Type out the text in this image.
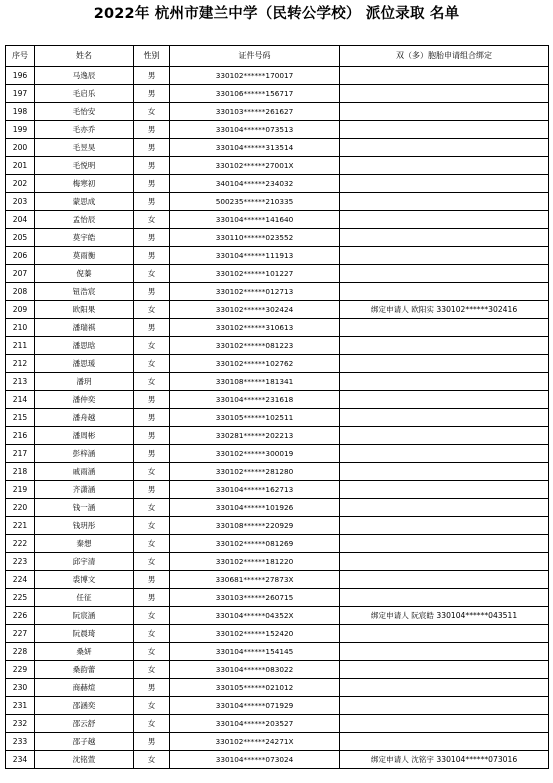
2022年 杭州市建兰中学（民转公学校） 派位录取 名单
序号	姓名	性别	证件号码	双（多）胞胎申请组合绑定
196	马逸辰	男	330102******170017	
197	毛启乐	男	330106******156717	
198	毛怡安	女	330103******261627	
199	毛亦乔	男	330104******073513	
200	毛昱昊	男	330104******313514	
201	毛悦明	男	330102******27001X	
202	梅寒初	男	340104******234032	
203	蒙思成	男	500235******210335	
204	孟怡辰	女	330104******141640	
205	莫宇皓	男	330110******023552	
206	莫雨衡	男	330104******111913	
207	倪蓁	女	330102******101227	
208	钮浩宸	男	330102******012713	
209	欧阳果	女	330102******302424	绑定申请人 欧阳实 330102******302416
210	潘瑞祺	男	330102******310613	
211	潘思晗	女	330102******081223	
212	潘思瑗	女	330102******102762	
213	潘玥	女	330108******181341	
214	潘仲奕	男	330104******231618	
215	潘舟越	男	330105******102511	
216	潘周彬	男	330281******202213	
217	彭梓涵	男	330102******300019	
218	戚雨涵	女	330102******281280	
219	齐潇涵	男	330104******162713	
220	钱一涵	女	330104******101926	
221	钱玥彤	女	330108******220929	
222	秦想	女	330102******081269	
223	邱宇清	女	330102******181220	
224	裘博文	男	330681******27873X	
225	任征	男	330103******260715	
226	阮宸涵	女	330104******04352X	绑定申请人 阮宸皓 330104******043511
227	阮晨琦	女	330102******152420	
228	桑妍	女	330104******154145	
229	桑韵蕾	女	330104******083022	
230	商赫煊	男	330105******021012	
231	邵涵奕	女	330104******071929	
232	邵云舒	女	330104******203527	
233	邵子越	男	330102******24271X	
234	沈铭萱	女	330104******073024	绑定申请人 沈铭宇 330104******073016
